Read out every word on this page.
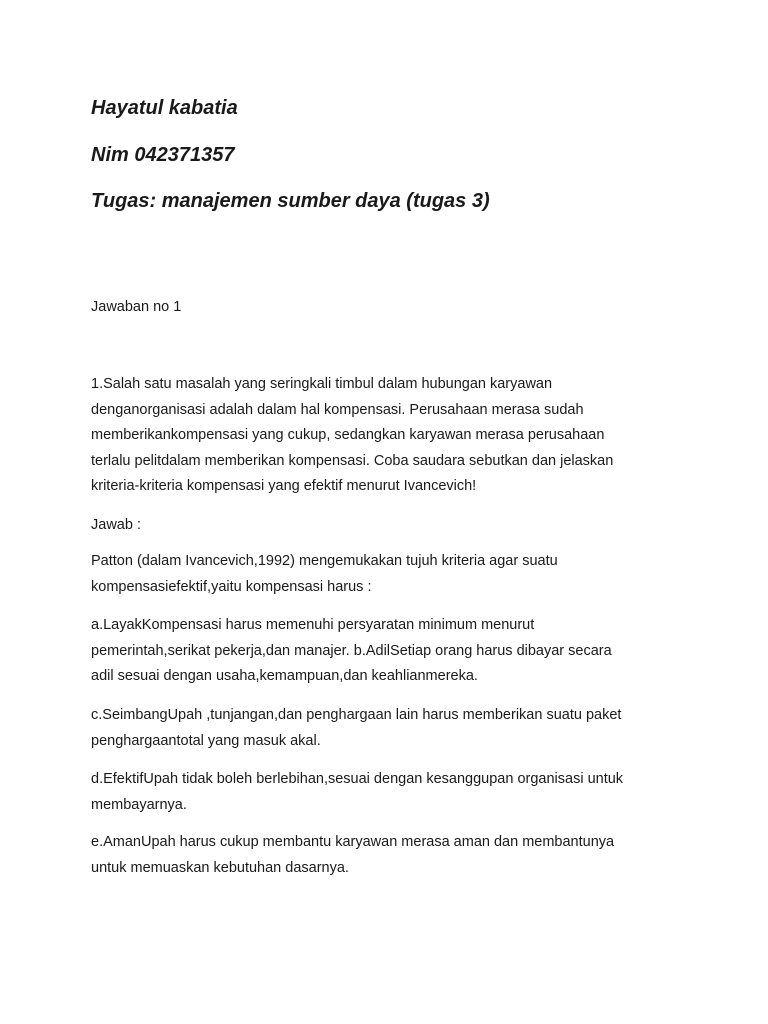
Hayatul kabatia

Nim 042371357

Tugas: manajemen sumber daya (tugas 3)

Jawaban no 1

1.Salah satu masalah yang seringkali timbul dalam hubungan karyawan
denganorganisasi adalah dalam hal kompensasi. Perusahaan merasa sudah
memberikankompensasi yang cukup, sedangkan karyawan merasa perusahaan
terlalu pelitdalam memberikan kompensasi. Coba saudara sebutkan dan jelaskan
kriteria-kriteria kompensasi yang efektif menurut Ivancevich!

Jawab :

Patton (dalam Ivancevich,1992) mengemukakan tujuh kriteria agar suatu
kompensasiefektif,yaitu kompensasi harus :
a.LayakKompensasi harus memenuhi persyaratan minimum menurut
pemerintah,serikat pekerja,dan manajer. b.AdilSetiap orang harus dibayar secara
adil sesuai dengan usaha,kemampuan,dan keahlianmereka.
c.SeimbangUpah ,tunjangan,dan penghargaan lain harus memberikan suatu paket
penghargaantotal yang masuk akal.
d.EfektifUpah tidak boleh berlebihan,sesuai dengan kesanggupan organisasi untuk
membayarnya.
e.AmanUpah harus cukup membantu karyawan merasa aman dan membantunya
untuk memuaskan kebutuhan dasarnya.
